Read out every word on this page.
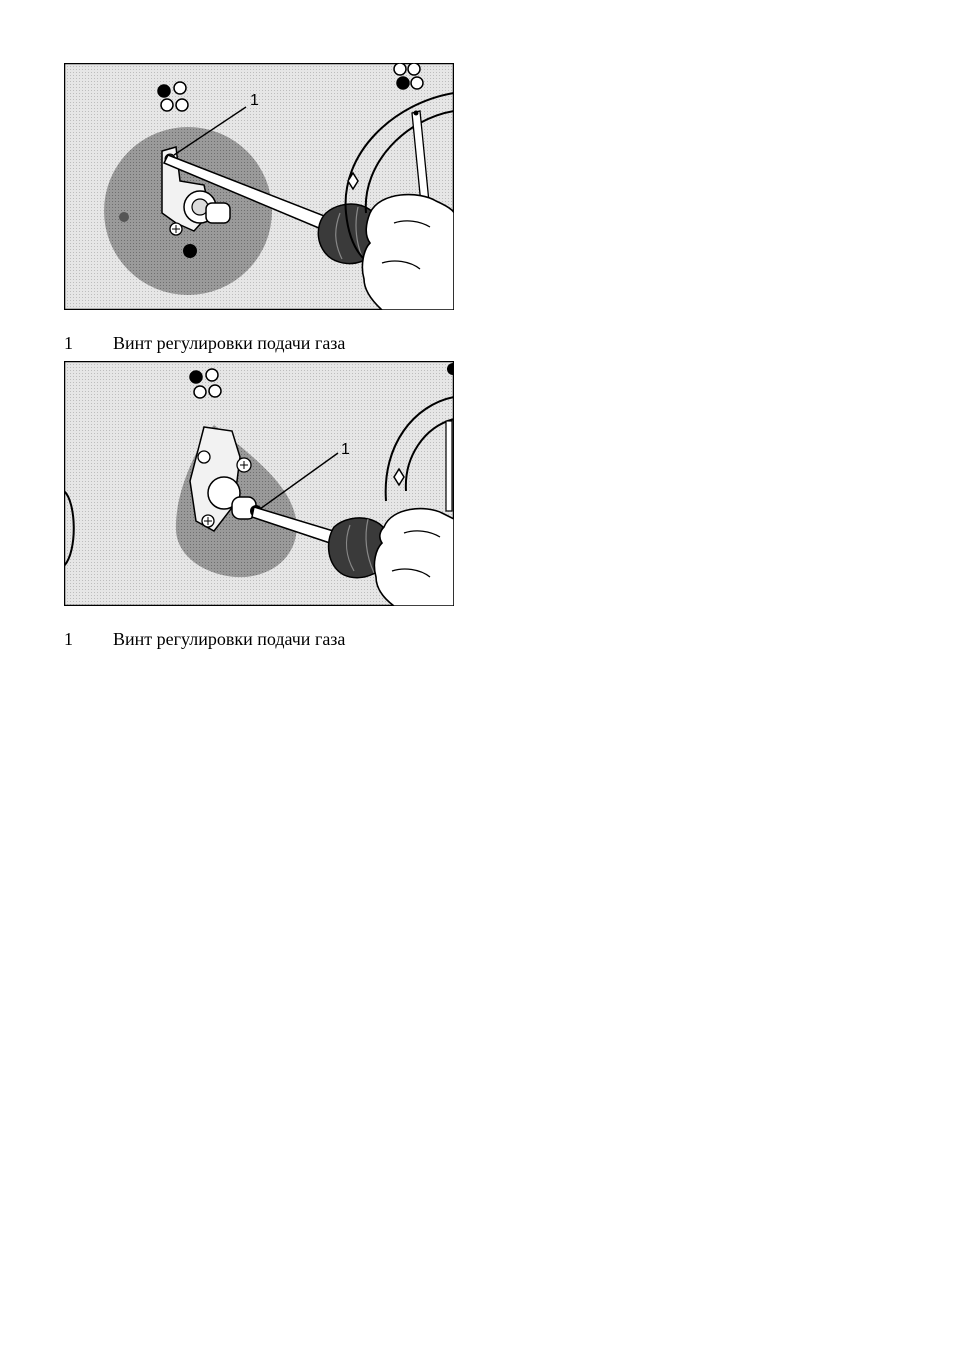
1
1 Винт регулировки подачи газа
1
1 Винт регулировки подачи газа
